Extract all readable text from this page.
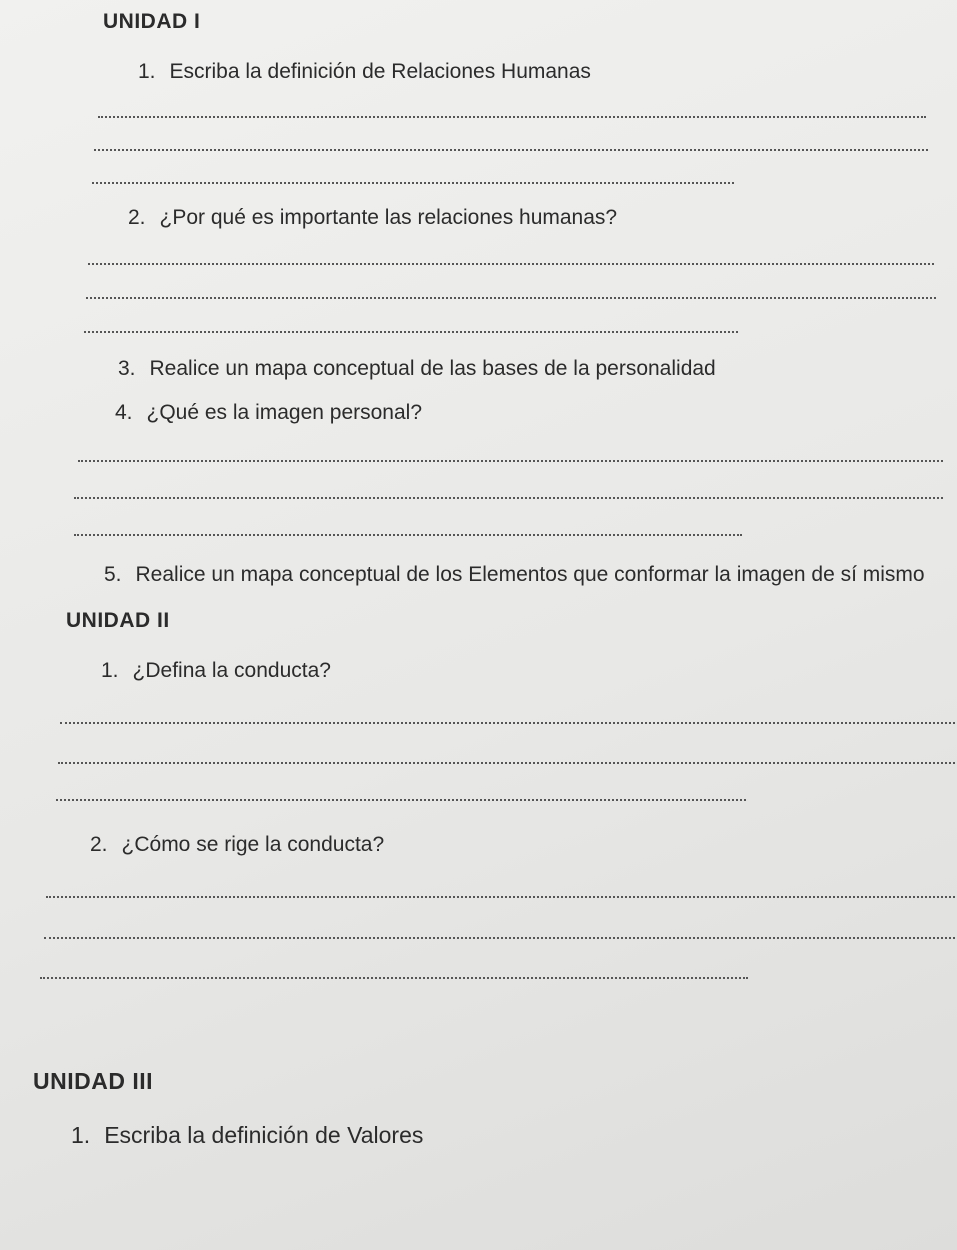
UNIDAD I
1. Escriba la definición de Relaciones Humanas
2. ¿Por qué es importante las relaciones humanas?
3. Realice un mapa conceptual de las bases de la personalidad
4. ¿Qué es la imagen personal?
5. Realice un mapa conceptual de los Elementos que conformar la imagen de sí mismo
UNIDAD II
1. ¿Defina la conducta?
2. ¿Cómo se rige la conducta?
UNIDAD III
1. Escriba la definición de Valores
